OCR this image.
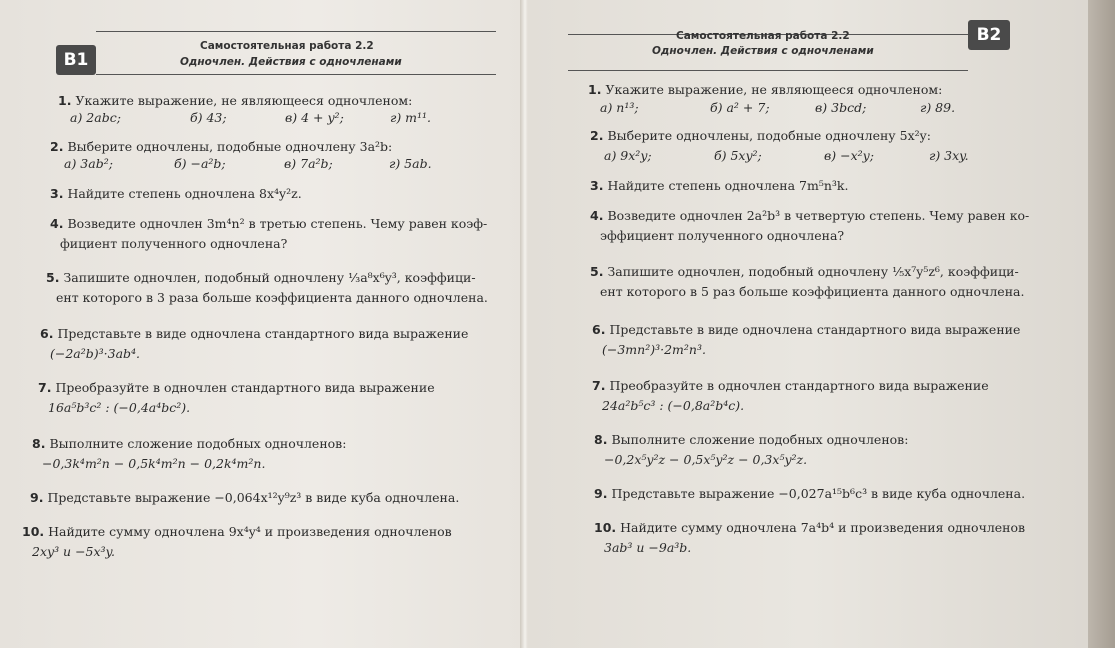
B1
Самостоятельная работа 2.2
Одночлен. Действия с одночленами
1. Укажите выражение, не являющееся одночленом:
а) 2abc;	б) 43;	в) 4 + y²;	г) m¹¹.
2. Выберите одночлены, подобные одночлену 3a²b:
а) 3ab²;	б) −a²b;	в) 7a²b;	г) 5ab.
3. Найдите степень одночлена 8x⁴y²z.
4. Возведите одночлен 3m⁴n² в третью степень. Чему равен коэф-
фициент полученного одночлена?
5. Запишите одночлен, подобный одночлену ⅓a⁸x⁶y³, коэффици-
ент которого в 3 раза больше коэффициента данного одночлена.
6. Представьте в виде одночлена стандартного вида выражение
(−2a²b)³·3ab⁴.
7. Преобразуйте в одночлен стандартного вида выражение
16a⁵b³c² : (−0,4a⁴bc²).
8. Выполните сложение подобных одночленов:
−0,3k⁴m²n − 0,5k⁴m²n − 0,2k⁴m²n.
9. Представьте выражение −0,064x¹²y⁹z³ в виде куба одночлена.
10. Найдите сумму одночлена 9x⁴y⁴ и произведения одночленов
2xy³ и −5x³y.
Самостоятельная работа 2.2
Одночлен. Действия с одночленами
B2
1. Укажите выражение, не являющееся одночленом:
а) n¹³;	б) a² + 7;	в) 3bcd;	г) 89.
2. Выберите одночлены, подобные одночлену 5x²y:
а) 9x²y;	б) 5xy²;	в) −x²y;	г) 3xy.
3. Найдите степень одночлена 7m⁵n³k.
4. Возведите одночлен 2a²b³ в четвертую степень. Чему равен ко-
эффициент полученного одночлена?
5. Запишите одночлен, подобный одночлену ⅕x⁷y⁵z⁶, коэффици-
ент которого в 5 раз больше коэффициента данного одночлена.
6. Представьте в виде одночлена стандартного вида выражение
(−3mn²)³·2m²n³.
7. Преобразуйте в одночлен стандартного вида выражение
24a²b⁵c³ : (−0,8a²b⁴c).
8. Выполните сложение подобных одночленов:
−0,2x⁵y²z − 0,5x⁵y²z − 0,3x⁵y²z.
9. Представьте выражение −0,027a¹⁵b⁶c³ в виде куба одночлена.
10. Найдите сумму одночлена 7a⁴b⁴ и произведения одночленов
3ab³ и −9a³b.
